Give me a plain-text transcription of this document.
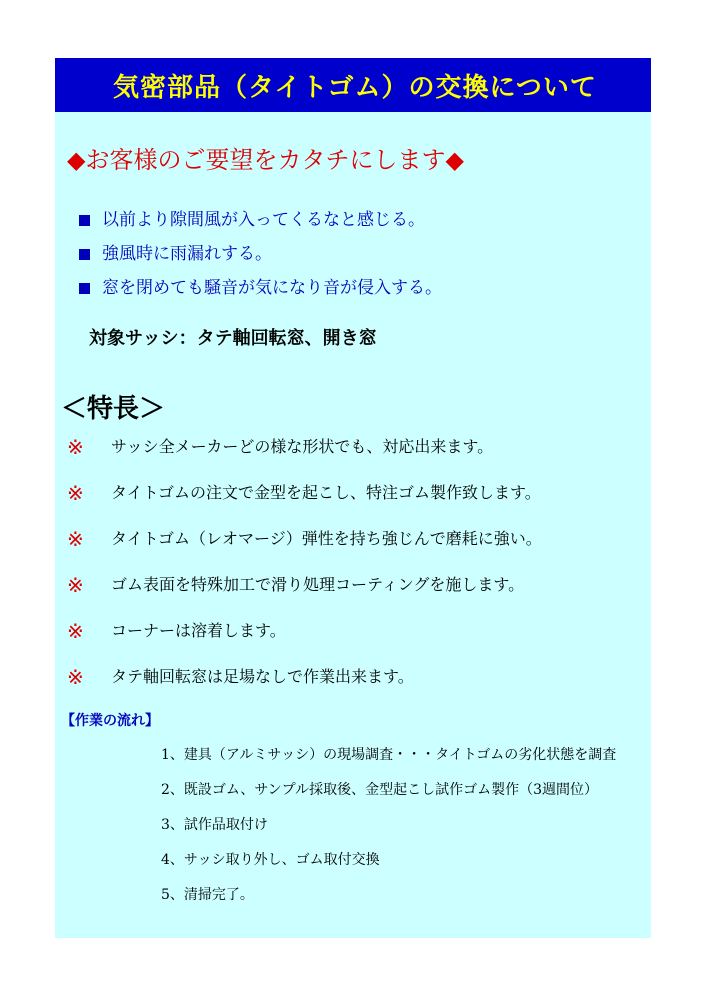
気密部品（タイトゴム）の交換について
◆お客様のご要望をカタチにします◆
以前より隙間風が入ってくるなと感じる。
強風時に雨漏れする。
窓を閉めても騒音が気になり音が侵入する。
対象サッシ：タテ軸回転窓、開き窓
＜特長＞
※	サッシ全メーカーどの様な形状でも、対応出来ます。
※	タイトゴムの注文で金型を起こし、特注ゴム製作致します。
※	タイトゴム（レオマージ）弾性を持ち強じんで磨耗に強い。
※	ゴム表面を特殊加工で滑り処理コーティングを施します。
※	コーナーは溶着します。
※	タテ軸回転窓は足場なしで作業出来ます。
【作業の流れ】
1、建具（アルミサッシ）の現場調査・・・タイトゴムの劣化状態を調査
2、既設ゴム、サンプル採取後、金型起こし試作ゴム製作（3週間位）
3、試作品取付け
4、サッシ取り外し、ゴム取付交換
5、清掃完了。
